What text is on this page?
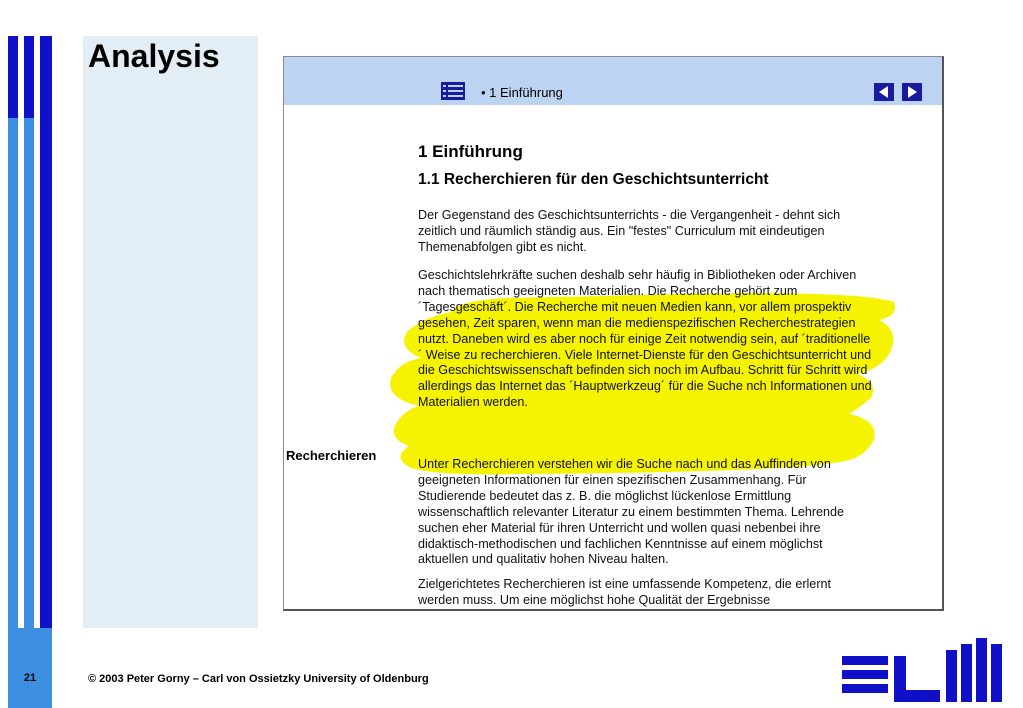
21
Analysis
• 1 Einführung
1 Einführung
1.1 Recherchieren für den Geschichtsunterricht

Der Gegenstand des Geschichtsunterrichts - die Vergangenheit - dehnt sich zeitlich und räumlich ständig aus. Ein "festes" Curriculum mit eindeutigen Themenabfolgen gibt es nicht.

Geschichtslehrkräfte suchen deshalb sehr häufig in Bibliotheken oder Archiven nach thematisch geeigneten Materialien. Die Recherche gehört zum ´Tagesgeschäft´. Die Recherche mit neuen Medien kann, vor allem prospektiv gesehen, Zeit sparen, wenn man die medienspezifischen Recherchestrategien nutzt. Daneben wird es aber noch für einige Zeit notwendig sein, auf ´traditionelle´ Weise zu recherchieren. Viele Internet-Dienste für den Geschichtsunterricht und die Geschichtswissenschaft befinden sich noch im Aufbau. Schritt für Schritt wird allerdings das Internet das ´Hauptwerkzeug´ für die Suche nch Informationen und Materialien werden.

Recherchieren

Unter Recherchieren verstehen wir die Suche nach und das Auffinden von geeigneten Informationen für einen spezifischen Zusammenhang. Für Studierende bedeutet das z. B. die möglichst lückenlose Ermittlung wissenschaftlich relevanter Literatur zu einem bestimmten Thema. Lehrende suchen eher Material für ihren Unterricht und wollen quasi nebenbei ihre didaktisch-methodischen und fachlichen Kenntnisse auf einem möglichst aktuellen und qualitativ hohen Niveau halten.

Zielgerichtetes Recherchieren ist eine umfassende Kompetenz, die erlernt werden muss. Um eine möglichst hohe Qualität der Ergebnisse

© 2003 Peter Gorny – Carl von Ossietzky University of Oldenburg
